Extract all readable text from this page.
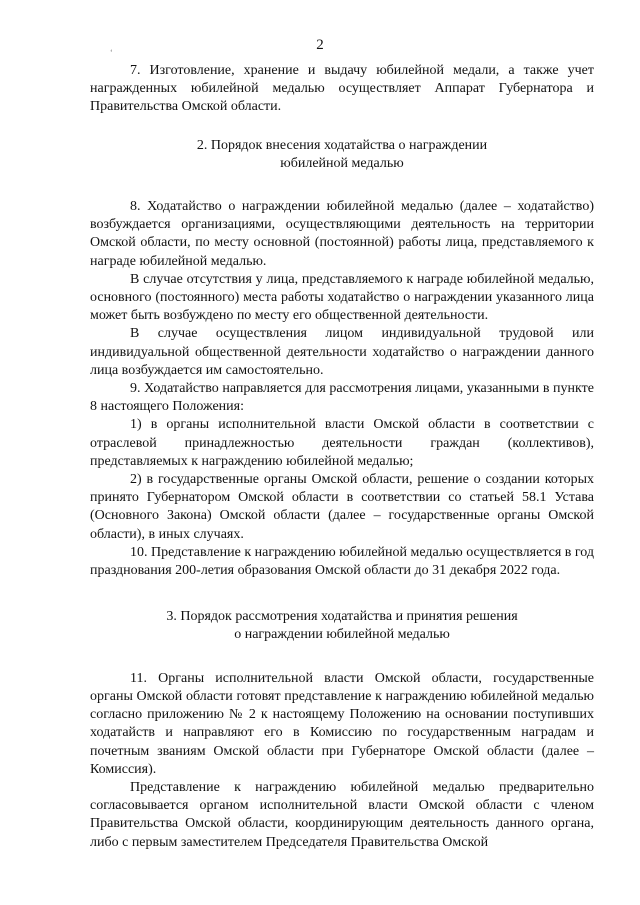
ʻ	2

7. Изготовление, хранение и выдачу юбилейной медали, а также учет награжденных юбилейной медалью осуществляет Аппарат Губернатора и Правительства Омской области.

2. Порядок внесения ходатайства о награждении

юбилейной медалью

8. Ходатайство о награждении юбилейной медалью (далее – ходатайство) возбуждается организациями, осуществляющими деятельность на территории Омской области, по месту основной (постоянной) работы лица, представляемого к награде юбилейной медалью.

В случае отсутствия у лица, представляемого к награде юбилейной медалью, основного (постоянного) места работы ходатайство о награждении указанного лица может быть возбуждено по месту его общественной деятельности.

В случае осуществления лицом индивидуальной трудовой или индивидуальной общественной деятельности ходатайство о награждении данного лица возбуждается им самостоятельно.

9. Ходатайство направляется для рассмотрения лицами, указанными в пункте 8 настоящего Положения:

1) в органы исполнительной власти Омской области в соответствии с отраслевой принадлежностью деятельности граждан (коллективов), представляемых к награждению юбилейной медалью;

2) в государственные органы Омской области, решение о создании которых принято Губернатором Омской области в соответствии со статьей 58.1 Устава (Основного Закона) Омской области (далее – государственные органы Омской области), в иных случаях.

10. Представление к награждению юбилейной медалью осуществляется в год празднования 200-летия образования Омской области до 31 декабря 2022 года.

3. Порядок рассмотрения ходатайства и принятия решения

о награждении юбилейной медалью

11. Органы исполнительной власти Омской области, государственные органы Омской области готовят представление к награждению юбилейной медалью согласно приложению № 2 к настоящему Положению на основании поступивших ходатайств и направляют его в Комиссию по государственным наградам и почетным званиям Омской области при Губернаторе Омской области (далее – Комиссия).

Представление к награждению юбилейной медалью предварительно согласовывается органом исполнительной власти Омской области с членом Правительства Омской области, координирующим деятельность данного органа, либо с первым заместителем Председателя Правительства Омской
